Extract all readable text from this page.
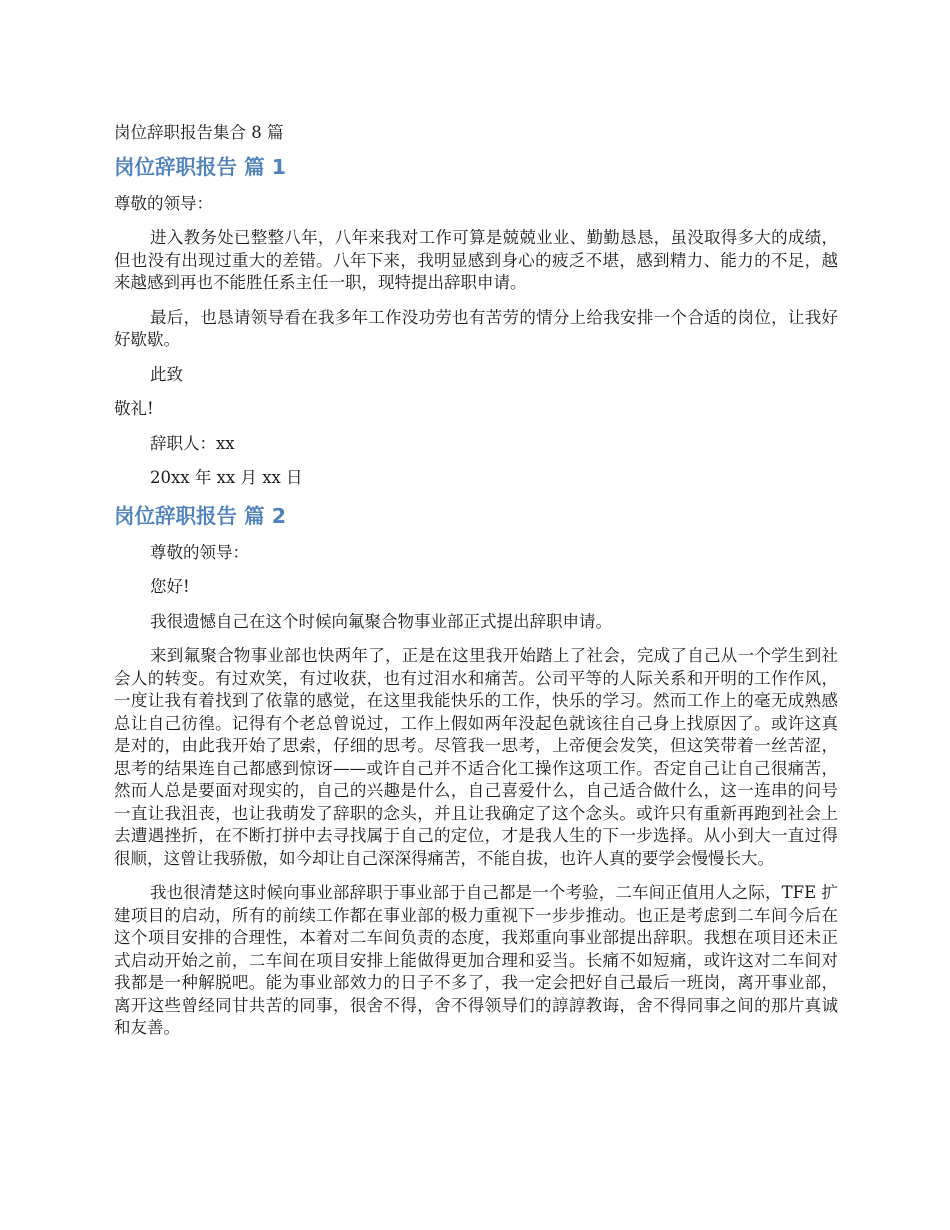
岗位辞职报告集合 8 篇
岗位辞职报告 篇 1
尊敬的领导：
进入教务处已整整八年，八年来我对工作可算是兢兢业业、勤勤恳恳，虽没取得多大的成绩，但也没有出现过重大的差错。八年下来，我明显感到身心的疲乏不堪，感到精力、能力的不足，越来越感到再也不能胜任系主任一职，现特提出辞职申请。
最后，也恳请领导看在我多年工作没功劳也有苦劳的情分上给我安排一个合适的岗位，让我好好歇歇。
此致
敬礼!
辞职人：xx
20xx 年 xx 月 xx 日
岗位辞职报告 篇 2
尊敬的领导：
您好!
我很遗憾自己在这个时候向氟聚合物事业部正式提出辞职申请。
来到氟聚合物事业部也快两年了，正是在这里我开始踏上了社会，完成了自己从一个学生到社会人的转变。有过欢笑，有过收获，也有过泪水和痛苦。公司平等的人际关系和开明的工作作风，一度让我有着找到了依靠的感觉，在这里我能快乐的工作，快乐的学习。然而工作上的毫无成熟感总让自己彷徨。记得有个老总曾说过，工作上假如两年没起色就该往自己身上找原因了。或许这真是对的，由此我开始了思索，仔细的思考。尽管我一思考，上帝便会发笑，但这笑带着一丝苦涩，思考的结果连自己都感到惊讶——或许自己并不适合化工操作这项工作。否定自己让自己很痛苦，然而人总是要面对现实的，自己的兴趣是什么，自己喜爱什么，自己适合做什么，这一连串的问号一直让我沮丧，也让我萌发了辞职的念头，并且让我确定了这个念头。或许只有重新再跑到社会上去遭遇挫折，在不断打拼中去寻找属于自己的定位，才是我人生的下一步选择。从小到大一直过得很顺，这曾让我骄傲，如今却让自己深深得痛苦，不能自拔，也许人真的要学会慢慢长大。
我也很清楚这时候向事业部辞职于事业部于自己都是一个考验，二车间正值用人之际，TFE 扩建项目的启动，所有的前续工作都在事业部的极力重视下一步步推动。也正是考虑到二车间今后在这个项目安排的合理性，本着对二车间负责的态度，我郑重向事业部提出辞职。我想在项目还未正式启动开始之前，二车间在项目安排上能做得更加合理和妥当。长痛不如短痛，或许这对二车间对我都是一种解脱吧。能为事业部效力的日子不多了，我一定会把好自己最后一班岗，离开事业部，离开这些曾经同甘共苦的同事，很舍不得，舍不得领导们的諄諄教诲，舍不得同事之间的那片真诚和友善。
